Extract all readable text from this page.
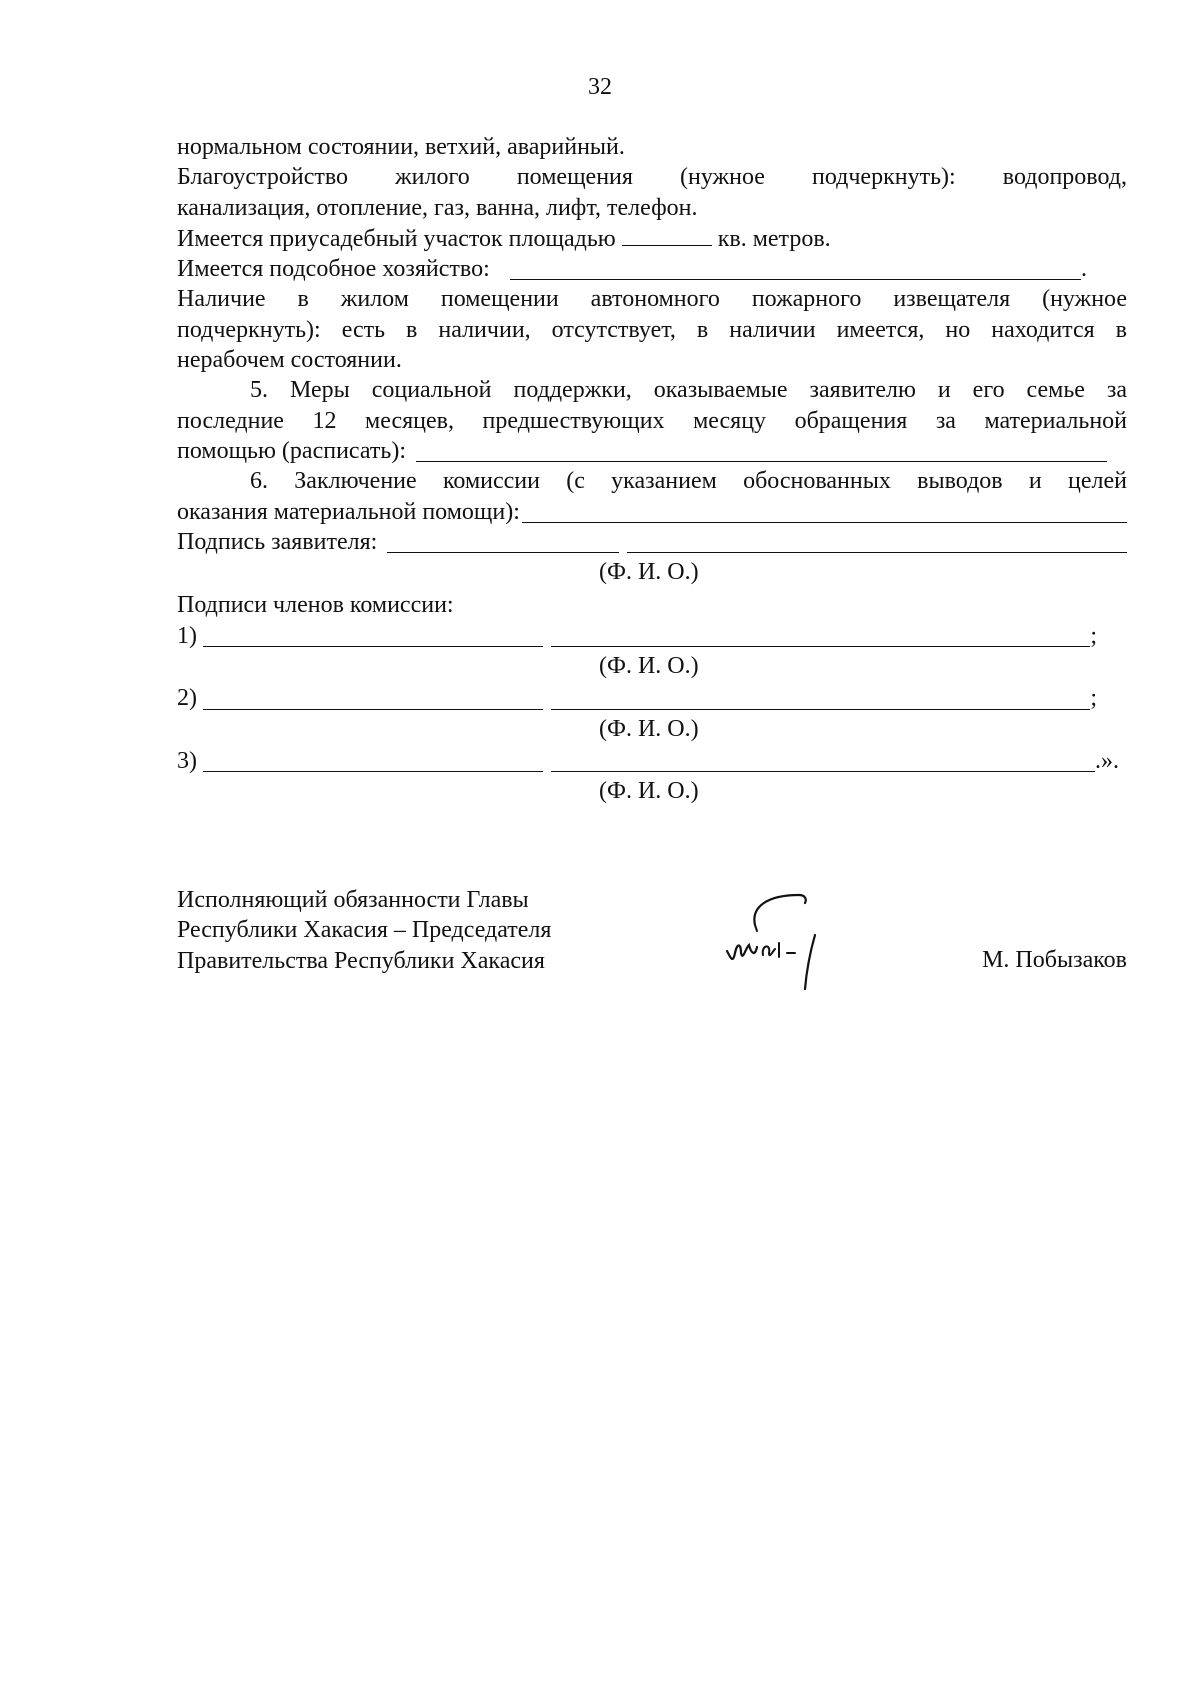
32
нормальном состоянии, ветхий, аварийный.
Благоустройство жилого помещения (нужное подчеркнуть): водопровод,
канализация, отопление, газ, ванна, лифт, телефон.
Имеется приусадебный участок площадью	кв. метров.
Имеется подсобное хозяйство:	.
Наличие в жилом помещении автономного пожарного извещателя (нужное
подчеркнуть): есть в наличии, отсутствует, в наличии имеется, но находится в
нерабочем состоянии.
5. Меры социальной поддержки, оказываемые заявителю и его семье за
последние 12 месяцев, предшествующих месяцу обращения за материальной
помощью (расписать):
6. Заключение комиссии (с указанием обоснованных выводов и целей
оказания материальной помощи):
Подпись заявителя:
(Ф. И. О.)
Подписи членов комиссии:
1)	;
(Ф. И. О.)
2)	;
(Ф. И. О.)
3)	.».
(Ф. И. О.)
Исполняющий обязанности Главы
Республики Хакасия – Председателя
Правительства Республики Хакасия	М. Побызаков
